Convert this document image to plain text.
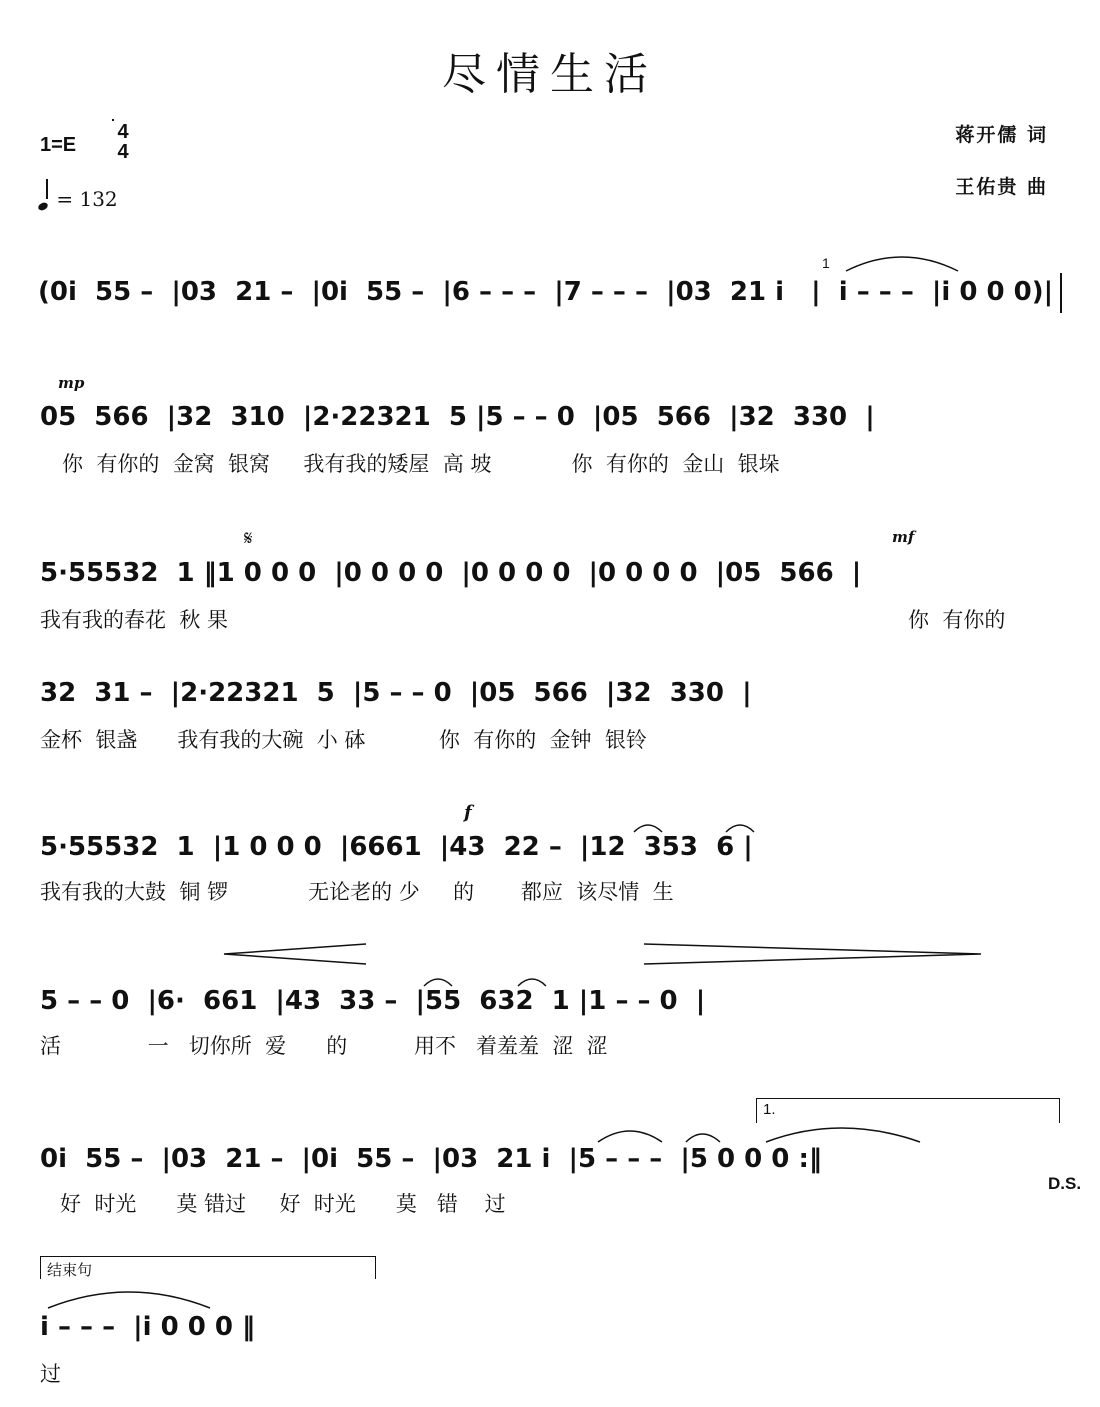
尽情生活
1=E
4
4
= 132
蒋开儒 词
王佑贵 曲
(0i  55 –  |03  21 –  |0i  55 –  |6 – – –  |7 – – –  |03  21 i   |  i – – –  |i 0 0 0)|
1
mp
05  566  |32  310  |2·22321  5 |5 – – 0  |05  566  |32  330  |
你  有你的  金窝  银窝     我有我的矮屋  高 坡            你  有你的  金山  银垛
𝄋	mf
5·55532  1 ‖1 0 0 0  |0 0 0 0  |0 0 0 0  |0 0 0 0  |05  566  |
我有我的春花  秋 果	你  有你的
32  31 –  |2·22321  5  |5 – – 0  |05  566  |32  330  |
金杯  银盏      我有我的大碗  小 砵           你  有你的  金钟  银铃
f
5·55532  1  |1 0 0 0  |6661  |43  22 –  |12  353  6 |
我有我的大鼓  铜 锣            无论老的 少     的       都应  该尽情  生
5 – – 0  |6·  661  |43  33 –  |55  632  1 |1 – – 0  |
活             一   切你所  爱      的          用不   着羞羞  涩  涩
1.
0i  55 –  |03  21 –  |0i  55 –  |03  21 i  |5 – – –  |5 0 0 0 :‖
好  时光      莫 错过     好  时光      莫   错    过
D.S.
结束句
i – – –  |i 0 0 0 ‖
过
